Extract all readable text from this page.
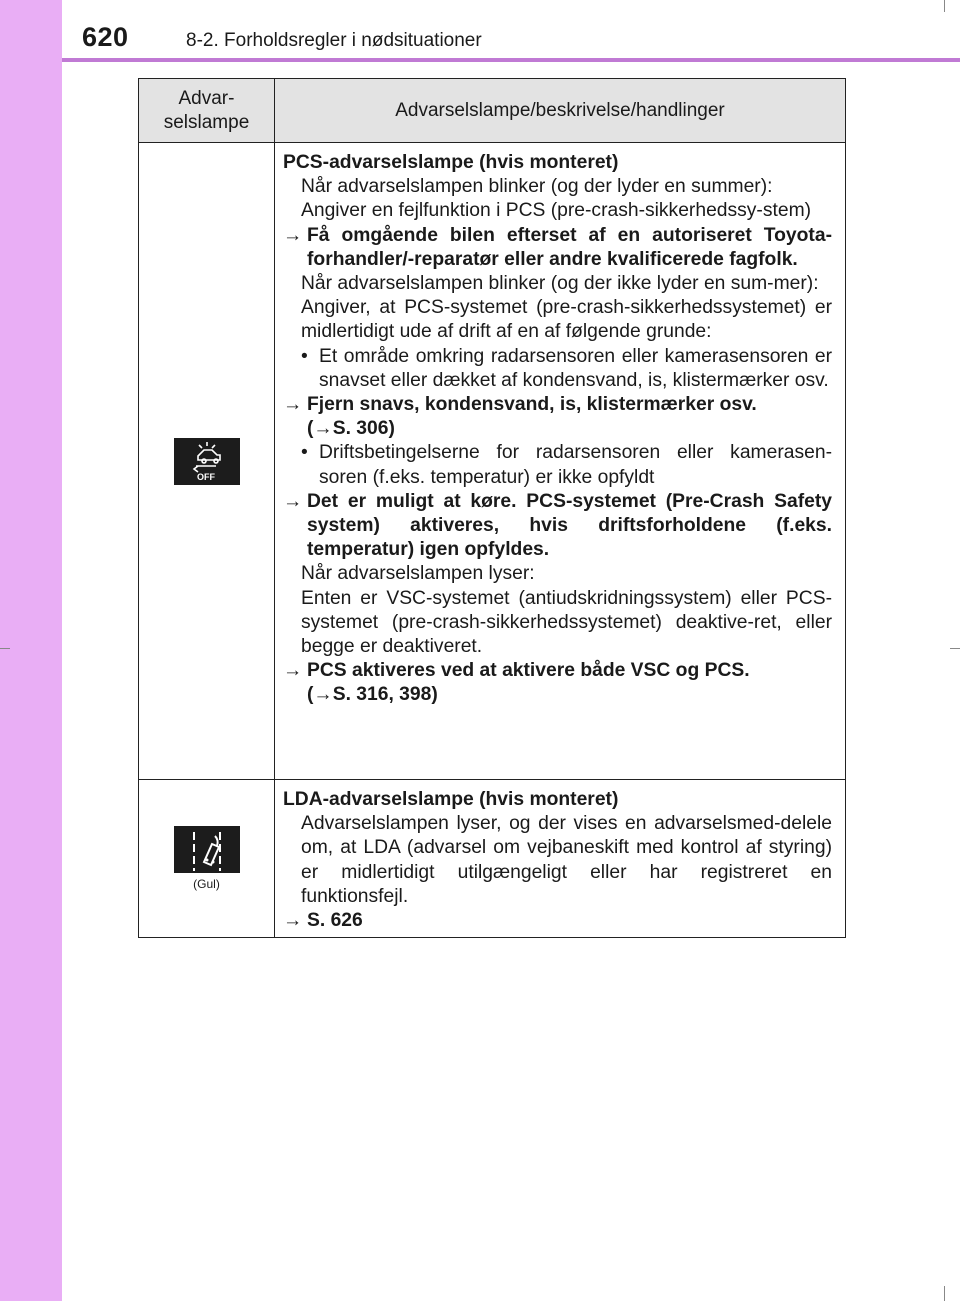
620	8-2. Forholdsregler i nødsituationer
Advar-
selslampe
Advarselslampe/beskrivelse/handlinger
OFF
PCS-advarselslampe (hvis monteret)
Når advarselslampen blinker (og der lyder en summer):
Angiver en fejlfunktion i PCS (pre-crash-sikkerhedssy-stem)
→ Få omgående bilen efterset af en autoriseret Toyota-forhandler/-reparatør eller andre kvalificerede fagfolk.
Når advarselslampen blinker (og der ikke lyder en sum-mer):
Angiver, at PCS-systemet (pre-crash-sikkerhedssystemet) er midlertidigt ude af drift af en af følgende grunde:
• Et område omkring radarsensoren eller kamerasensoren er snavset eller dækket af kondensvand, is, klistermærker osv.
→ Fjern snavs, kondensvand, is, klistermærker osv.
(→S. 306)
• Driftsbetingelserne for radarsensoren eller kamerasen-soren (f.eks. temperatur) er ikke opfyldt
→ Det er muligt at køre. PCS-systemet (Pre-Crash Safety system) aktiveres, hvis driftsforholdene (f.eks. temperatur) igen opfyldes.
Når advarselslampen lyser:
Enten er VSC-systemet (antiudskridningssystem) eller PCS-systemet (pre-crash-sikkerhedssystemet) deaktive-ret, eller begge er deaktiveret.
→ PCS aktiveres ved at aktivere både VSC og PCS.
(→S. 316, 398)
(Gul)
LDA-advarselslampe (hvis monteret)
Advarselslampen lyser, og der vises en advarselsmed-delele om, at LDA (advarsel om vejbaneskift med kontrol af styring) er midlertidigt utilgængeligt eller har registreret en funktionsfejl.
→ S. 626
